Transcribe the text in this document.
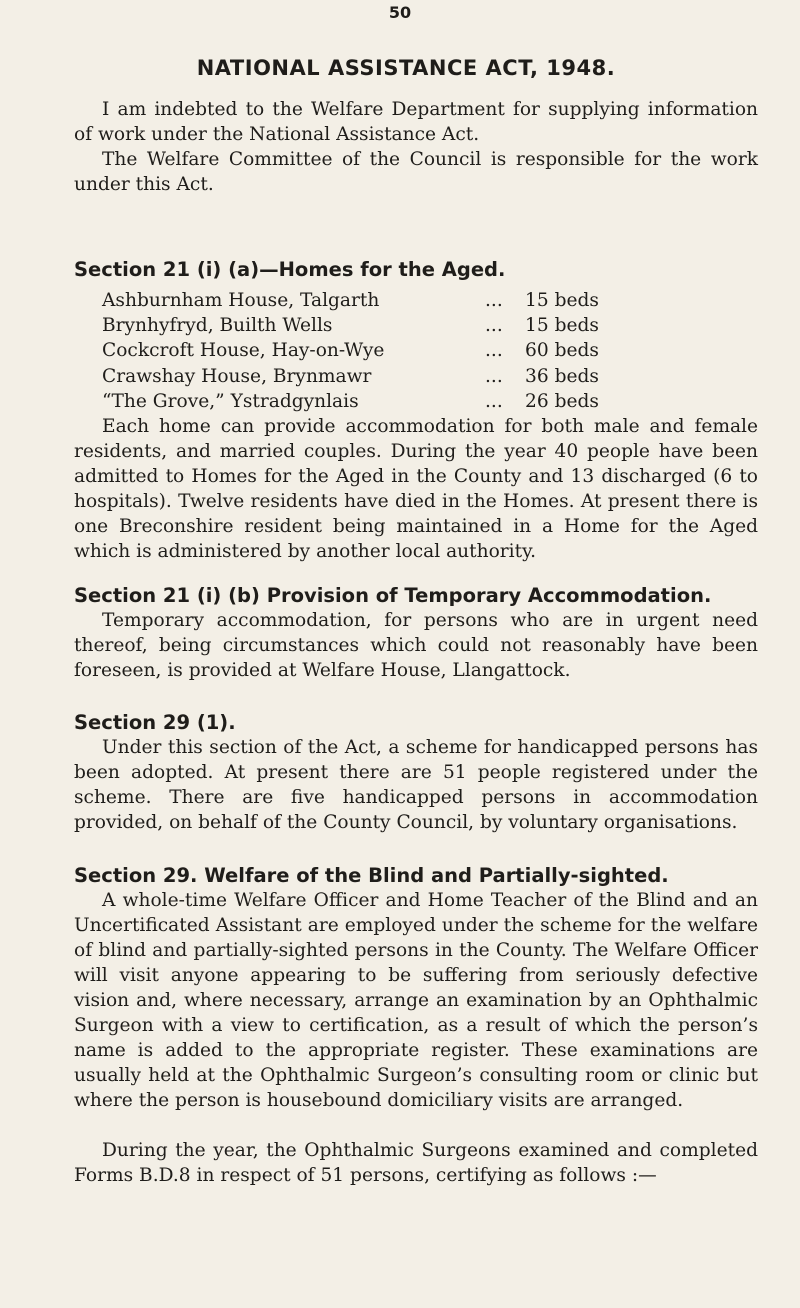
50
NATIONAL ASSISTANCE ACT, 1948.

I am indebted to the Welfare Department for supplying information of work under the National Assistance Act.

The Welfare Committee of the Council is responsible for the work under this Act.

Section 21 (i) (a)—Homes for the Aged.
Ashburnham House, Talgarth	...	15 beds
Brynhyfryd, Builth Wells	...	15 beds
Cockcroft House, Hay-on-Wye	...	60 beds
Crawshay House, Brynmawr	...	36 beds
“The Grove,” Ystradgynlais	...	26 beds

Each home can provide accommodation for both male and female residents, and married couples. During the year 40 people have been admitted to Homes for the Aged in the County and 13 discharged (6 to hospitals). Twelve residents have died in the Homes. At present there is one Breconshire resident being maintained in a Home for the Aged which is administered by another local authority.

Section 21 (i) (b) Provision of Temporary Accommodation.

Temporary accommodation, for persons who are in urgent need thereof, being circumstances which could not reasonably have been foreseen, is provided at Welfare House, Llangattock.

Section 29 (1).

Under this section of the Act, a scheme for handicapped persons has been adopted. At present there are 51 people registered under the scheme. There are five handicapped persons in accommodation provided, on behalf of the County Council, by voluntary organisations.

Section 29. Welfare of the Blind and Partially-sighted.

A whole-time Welfare Officer and Home Teacher of the Blind and an Uncertificated Assistant are employed under the scheme for the welfare of blind and partially-sighted persons in the County. The Welfare Officer will visit anyone appearing to be suffering from seriously defective vision and, where necessary, arrange an examination by an Ophthalmic Surgeon with a view to certification, as a result of which the person’s name is added to the appropriate register. These examinations are usually held at the Ophthalmic Surgeon’s consulting room or clinic but where the person is housebound domiciliary visits are arranged.

During the year, the Ophthalmic Surgeons examined and completed Forms B.D.8 in respect of 51 persons, certifying as follows :—
